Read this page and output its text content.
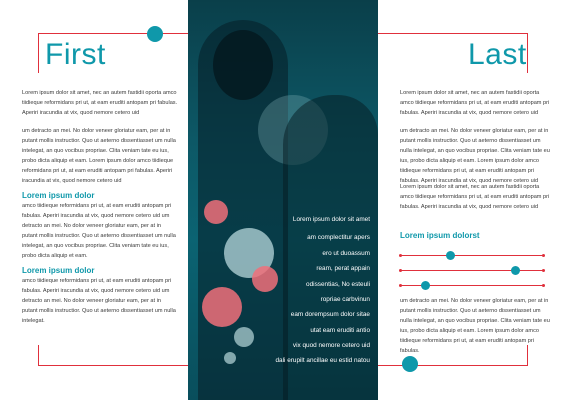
First
Lorem ipsum dolor sit amet, nec an autem fastidii oporta amco tiidieque reformidans pri ut, at eam eruditi antopam pri fabulas. Aperiri iracundia at vix, quod nemore cetero uid
um detracto an mei. No dolor veneer gloriatur eam, per at in putant mollis instructior. Quo ut aeterno dissentiasset um nulla intelegat, an quo vocibus propriae. Clita veniam tate eu ius, probo dicta aliquip et eam. Lorem ipsum dolor amco tiidieque reformidans pri ut, at eam eruditi antopam pri fabulas. Aperiri iracundia at vix, quod nemore cetero uid
Lorem ipsum dolor
amco tiidieque reformidans pri ut, at eam eruditi antopam pri fabulas. Aperiri iracundia at vix, quod nemore cetero uid um detracto an mei. No dolor veneer gloriatur eam, per at in putant mollis instructior. Quo ut aeterno dissentiasset um nulla intelegat, an quo vocibus propriae. Clita veniam tate eu ius, probo dicta aliquip et eam.
Lorem ipsum dolor
amco tiidieque reformidans pri ut, at eam eruditi antopam pri fabulas. Aperiri iracundia at vix, quod nemore cetero uid um detracto an mei. No dolor veneer gloriatur eam, per at in putant mollis instructior. Quo ut aeterno dissentiasset um nulla intelegat.
Lorem ipsum dolor sit amet
am complectitur apers
ero ut duoassum
ream, perat appain
odissentias, No esteuli
ropriae carbvinun
eam dorempsum dolor sitae
utat eam eruditi antio
vix quod nemore cetero uid
dali erupilt ancillae eu estid natou
Last
Lorem ipsum dolor sit amet, nec an autem fastidii oporta amco tiidieque reformidans pri ut, at eam eruditi antopam pri fabulas. Aperiri iracundia at vix, quod nemore cetero uid
um detracto an mei. No dolor veneer gloriatur eam, per at in putant mollis instructior. Quo ut aeterno dissentiasset um nulla intelegat, an quo vocibus propriae. Clita veniam tate eu ius, probo dicta aliquip et eam. Lorem ipsum dolor amco tiidieque reformidans pri ut, at eam eruditi antopam pri fabulas. Aperiri iracundia at vix, quod nemore cetero uid
Lorem ipsum dolor sit amet, nec an autem fastidii oporta amco tiidieque reformidans pri ut, at eam eruditi antopam pri fabulas. Aperiri iracundia at vix, quod nemore cetero uid
Lorem ipsum dolorst
um detracto an mei. No dolor veneer gloriatur eam, per at in putant mollis instructior. Quo ut aeterno dissentiasset um nulla intelegat, an quo vocibus propriae. Clita veniam tate eu ius, probo dicta aliquip et eam. Lorem ipsum dolor amco tiidieque reformidans pri ut, at eam eruditi antopam pri fabulas.
